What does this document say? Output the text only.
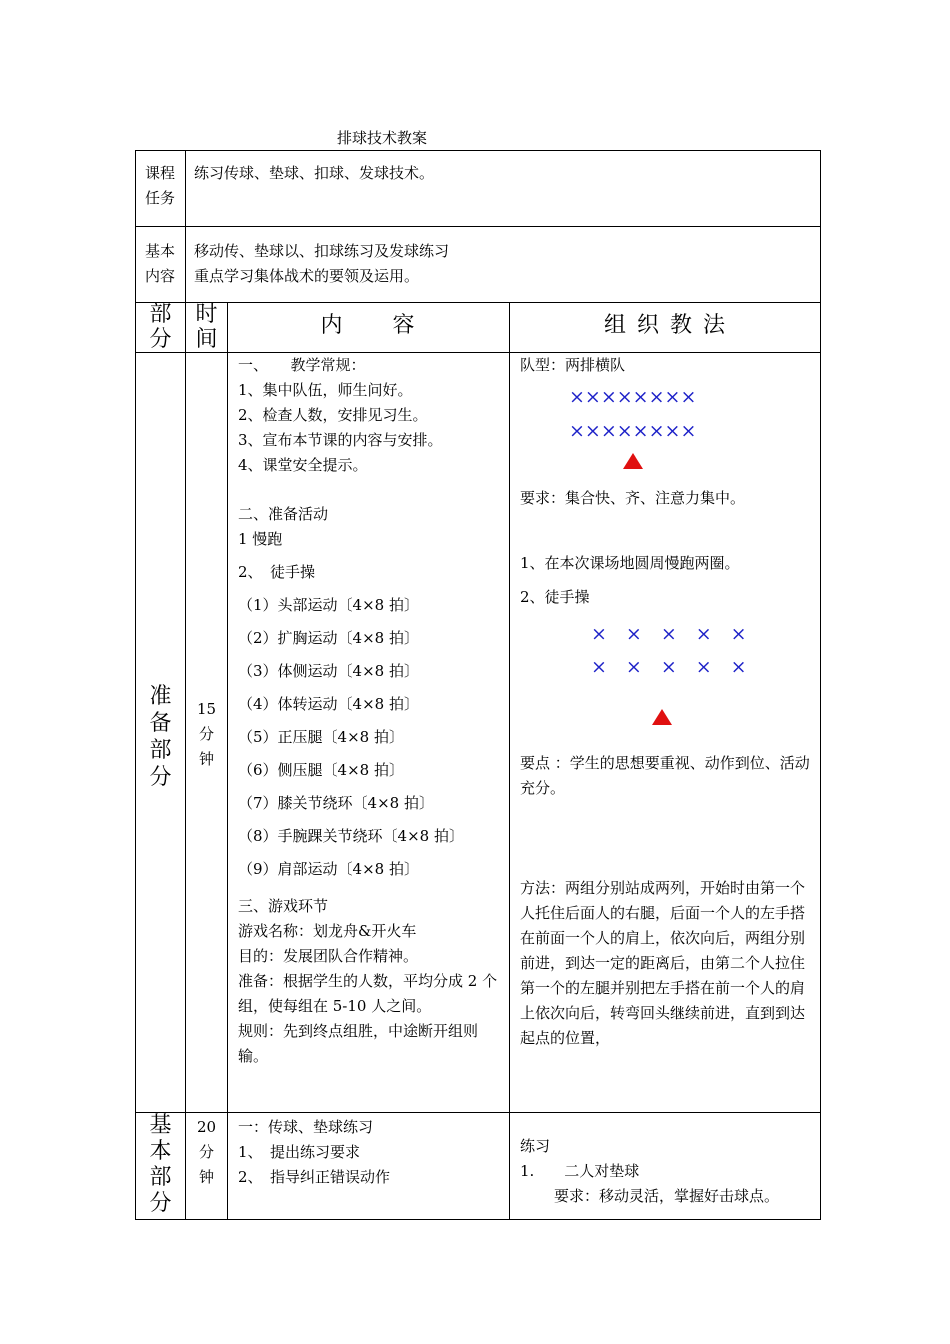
排球技术教案
课程
任务
练习传球、垫球、扣球、发球技术。
基本
内容
移动传、垫球以、扣球练习及发球练习
重点学习集体战术的要领及运用。
部
分
时
间
内　　容	组 织 教 法
准
备
部
分
15
分
钟
一、　　教学常规：
1、集中队伍，师生问好。
2、检查人数，安排见习生。
3、宣布本节课的内容与安排。
4、课堂安全提示。
二、准备活动
1 慢跑
2、　徒手操
（1）头部运动〔4×8 拍〕
（2）扩胸运动〔4×8 拍〕
（3）体侧运动〔4×8 拍〕
（4）体转运动〔4×8 拍〕
（5）正压腿〔4×8 拍〕
（6）侧压腿〔4×8 拍〕
（7）膝关节绕环〔4×8 拍〕
（8）手腕踝关节绕环〔4×8 拍〕
（9）肩部运动〔4×8 拍〕
三、游戏环节
游戏名称：划龙舟&开火车
目的：发展团队合作精神。
准备：根据学生的人数，平均分成 2 个组，使每组在 5-10 人之间。
规则：先到终点组胜，中途断开组则输。
队型：两排横队
××××××××
××××××××
要求：集合快、齐、注意力集中。
1、在本次课场地圆周慢跑两圈。
2、徒手操
×　×　×　×　×
×　×　×　×　×
要点 ：学生的思想要重视、动作到位、活动充分。
方法：两组分别站成两列，开始时由第一个人托住后面人的右腿，后面一个人的左手搭在前面一个人的肩上，依次向后，两组分别前进，到达一定的距离后，由第二个人拉住第一个的左腿并别把左手搭在前一个人的肩上依次向后，转弯回头继续前进，直到到达起点的位置，
基
本
部
分
20
分
钟
一：传球、垫球练习
1、　提出练习要求
2、　指导纠正错误动作
练习
1.　　二人对垫球
要求：移动灵活，掌握好击球点。
